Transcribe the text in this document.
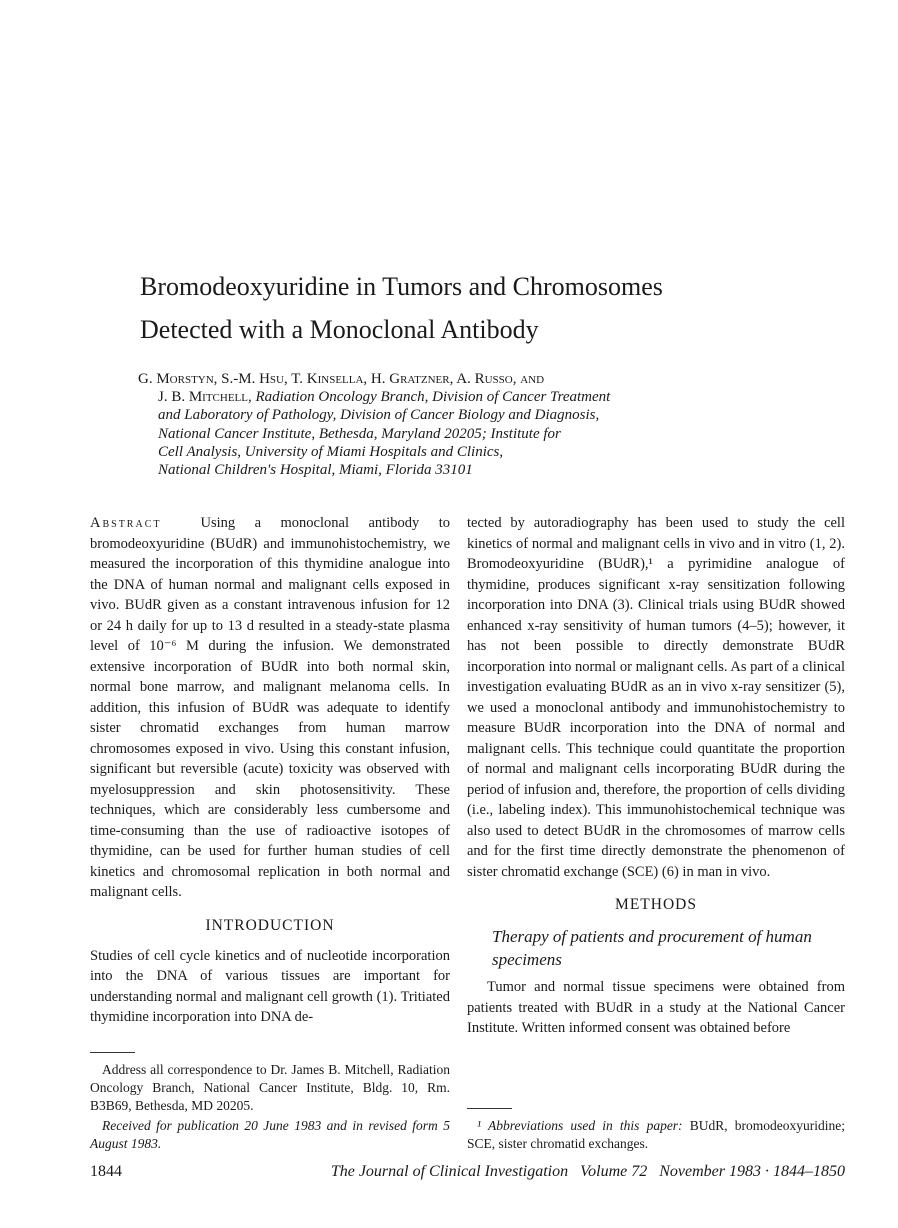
Bromodeoxyuridine in Tumors and Chromosomes
Detected with a Monoclonal Antibody
G. Morstyn, S.-M. Hsu, T. Kinsella, H. Gratzner, A. Russo, and
J. B. Mitchell, Radiation Oncology Branch, Division of Cancer Treatment
and Laboratory of Pathology, Division of Cancer Biology and Diagnosis,
National Cancer Institute, Bethesda, Maryland 20205; Institute for
Cell Analysis, University of Miami Hospitals and Clinics,
National Children's Hospital, Miami, Florida 33101
Abstract	Using a monoclonal antibody to bromodeoxyuridine (BUdR) and immunohistochemistry, we measured the incorporation of this thymidine analogue into the DNA of human normal and malignant cells exposed in vivo. BUdR given as a constant intravenous infusion for 12 or 24 h daily for up to 13 d resulted in a steady-state plasma level of 10⁻⁶ M during the infusion. We demonstrated extensive incorporation of BUdR into both normal skin, normal bone marrow, and malignant melanoma cells. In addition, this infusion of BUdR was adequate to identify sister chromatid exchanges from human marrow chromosomes exposed in vivo. Using this constant infusion, significant but reversible (acute) toxicity was observed with myelosuppression and skin photosensitivity. These techniques, which are considerably less cumbersome and time-consuming than the use of radioactive isotopes of thymidine, can be used for further human studies of cell kinetics and chromosomal replication in both normal and malignant cells.
INTRODUCTION
Studies of cell cycle kinetics and of nucleotide incorporation into the DNA of various tissues are important for understanding normal and malignant cell growth (1). Tritiated thymidine incorporation into DNA de-
Address all correspondence to Dr. James B. Mitchell, Radiation Oncology Branch, National Cancer Institute, Bldg. 10, Rm. B3B69, Bethesda, MD 20205.
Received for publication 20 June 1983 and in revised form 5 August 1983.
tected by autoradiography has been used to study the cell kinetics of normal and malignant cells in vivo and in vitro (1, 2). Bromodeoxyuridine (BUdR),¹ a pyrimidine analogue of thymidine, produces significant x-ray sensitization following incorporation into DNA (3). Clinical trials using BUdR showed enhanced x-ray sensitivity of human tumors (4–5); however, it has not been possible to directly demonstrate BUdR incorporation into normal or malignant cells. As part of a clinical investigation evaluating BUdR as an in vivo x-ray sensitizer (5), we used a monoclonal antibody and immunohistochemistry to measure BUdR incorporation into the DNA of normal and malignant cells. This technique could quantitate the proportion of normal and malignant cells incorporating BUdR during the period of infusion and, therefore, the proportion of cells dividing (i.e., labeling index). This immunohistochemical technique was also used to detect BUdR in the chromosomes of marrow cells and for the first time directly demonstrate the phenomenon of sister chromatid exchange (SCE) (6) in man in vivo.
METHODS
Therapy of patients and procurement of human specimens
Tumor and normal tissue specimens were obtained from patients treated with BUdR in a study at the National Cancer Institute. Written informed consent was obtained before
¹ Abbreviations used in this paper: BUdR, bromodeoxyuridine; SCE, sister chromatid exchanges.
1844	The Journal of Clinical Investigation Volume 72 November 1983 · 1844–1850
